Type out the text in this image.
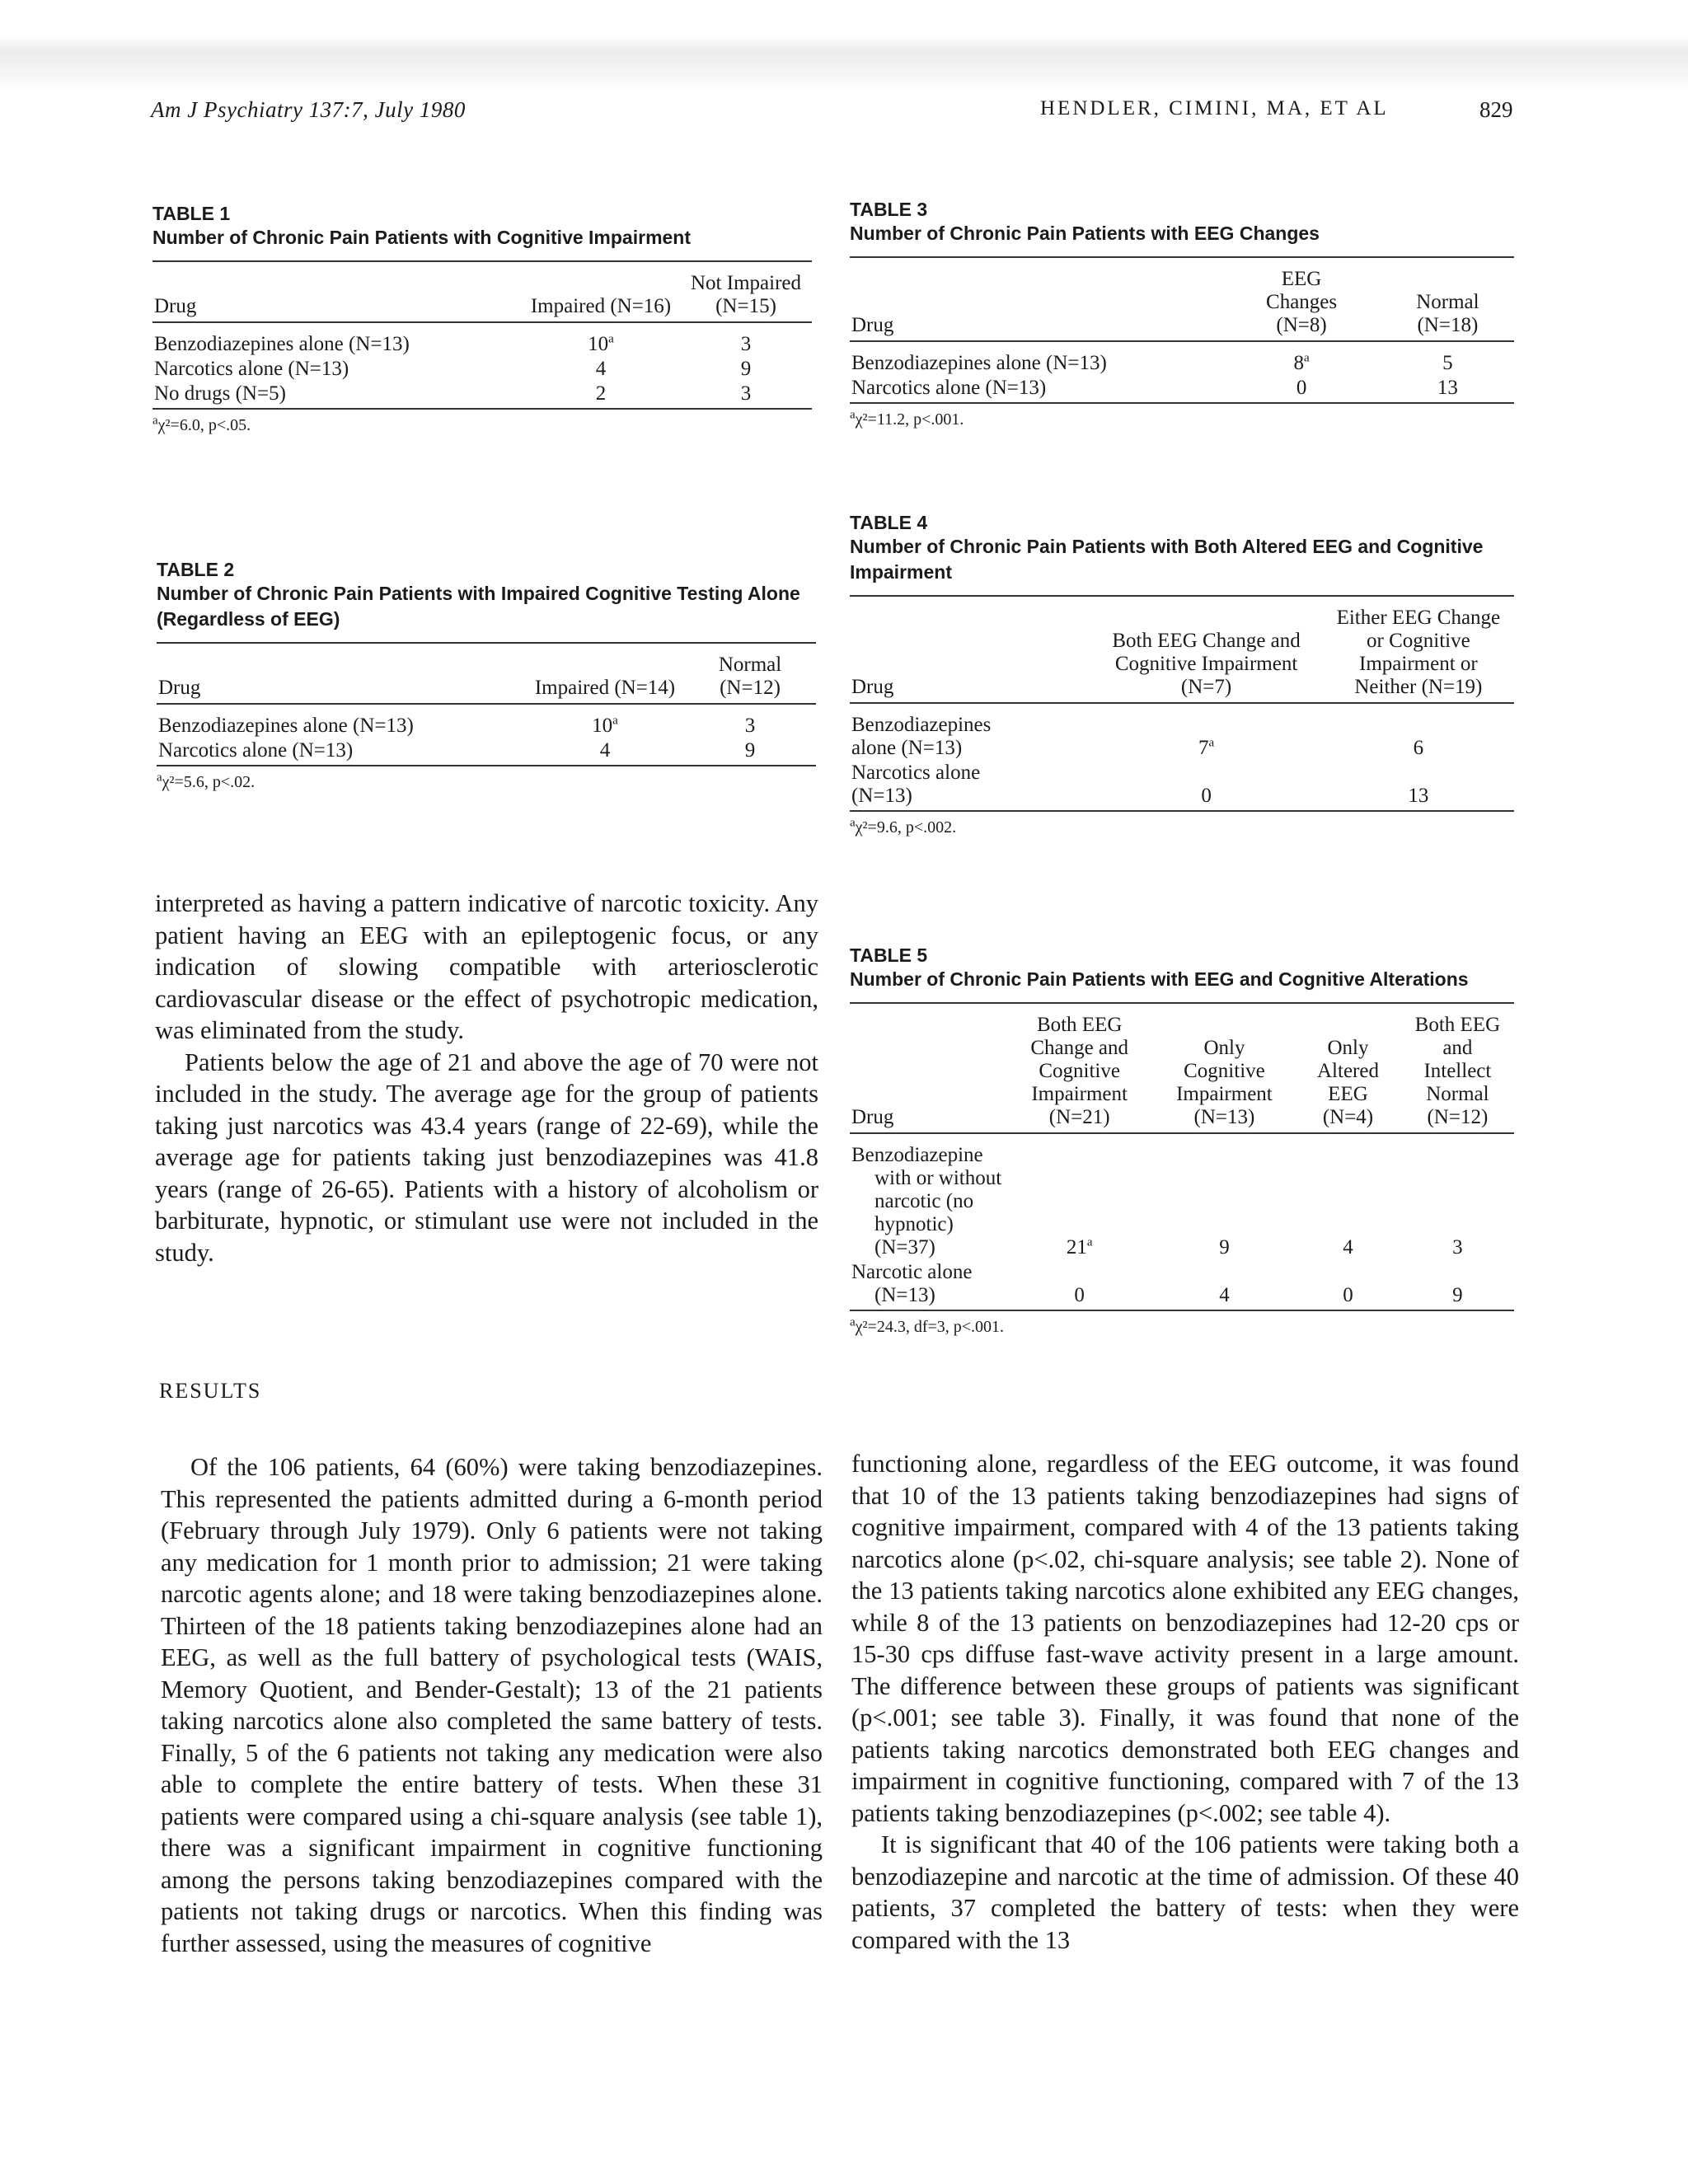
Am J Psychiatry 137:7, July 1980	HENDLER, CIMINI, MA, ET AL	829
TABLE 1
Number of Chronic Pain Patients with Cognitive Impairment

Drug	Impaired (N=16)	Not Impaired (N=15)
Benzodiazepines alone (N=13)	10$^a$	3
Narcotics alone (N=13)	4	9
No drugs (N=5)	2	3
$^a$χ²=6.0, p<.05.
TABLE 2
Number of Chronic Pain Patients with Impaired Cognitive Testing Alone (Regardless of EEG)

Drug	Impaired (N=14)	Normal (N=12)
Benzodiazepines alone (N=13)	10$^a$	3
Narcotics alone (N=13)	4	9
$^a$χ²=5.6, p<.02.
TABLE 3
Number of Chronic Pain Patients with EEG Changes

Drug	EEG Changes (N=8)	Normal (N=18)
Benzodiazepines alone (N=13)	8$^a$	5
Narcotics alone (N=13)	0	13
$^a$χ²=11.2, p<.001.
TABLE 4
Number of Chronic Pain Patients with Both Altered EEG and Cognitive Impairment

Drug	Both EEG Change and Cognitive Impairment (N=7)	Either EEG Change or Cognitive Impairment or Neither (N=19)
Benzodiazepines alone (N=13)	7$^a$	6
Narcotics alone (N=13)	0	13
$^a$χ²=9.6, p<.002.
TABLE 5
Number of Chronic Pain Patients with EEG and Cognitive Alterations

Drug	Both EEG Change and Cognitive Impairment (N=21)	Only Cognitive Impairment (N=13)	Only Altered EEG (N=4)	Both EEG and Intellect Normal (N=12)
Benzodiazepine with or without narcotic (no hypnotic) (N=37)	21$^a$	9	4	3
Narcotic alone (N=13)	0	4	0	9
$^a$χ²=24.3, df=3, p<.001.

interpreted as having a pattern indicative of narcotic toxicity. Any patient having an EEG with an epileptogenic focus, or any indication of slowing compatible with arteriosclerotic cardiovascular disease or the effect of psychotropic medication, was eliminated from the study.

Patients below the age of 21 and above the age of 70 were not included in the study. The average age for the group of patients taking just narcotics was 43.4 years (range of 22-69), while the average age for patients taking just benzodiazepines was 41.8 years (range of 26-65). Patients with a history of alcoholism or barbiturate, hypnotic, or stimulant use were not included in the study.

RESULTS

Of the 106 patients, 64 (60%) were taking benzodiazepines. This represented the patients admitted during a 6-month period (February through July 1979). Only 6 patients were not taking any medication for 1 month prior to admission; 21 were taking narcotic agents alone; and 18 were taking benzodiazepines alone. Thirteen of the 18 patients taking benzodiazepines alone had an EEG, as well as the full battery of psychological tests (WAIS, Memory Quotient, and Bender-Gestalt); 13 of the 21 patients taking narcotics alone also completed the same battery of tests. Finally, 5 of the 6 patients not taking any medication were also able to complete the entire battery of tests. When these 31 patients were compared using a chi-square analysis (see table 1), there was a significant impairment in cognitive functioning among the persons taking benzodiazepines compared with the patients not taking drugs or narcotics. When this finding was further assessed, using the measures of cognitive

functioning alone, regardless of the EEG outcome, it was found that 10 of the 13 patients taking benzodiazepines had signs of cognitive impairment, compared with 4 of the 13 patients taking narcotics alone (p<.02, chi-square analysis; see table 2). None of the 13 patients taking narcotics alone exhibited any EEG changes, while 8 of the 13 patients on benzodiazepines had 12-20 cps or 15-30 cps diffuse fast-wave activity present in a large amount. The difference between these groups of patients was significant (p<.001; see table 3). Finally, it was found that none of the patients taking narcotics demonstrated both EEG changes and impairment in cognitive functioning, compared with 7 of the 13 patients taking benzodiazepines (p<.002; see table 4).

It is significant that 40 of the 106 patients were taking both a benzodiazepine and narcotic at the time of admission. Of these 40 patients, 37 completed the battery of tests: when they were compared with the 13
